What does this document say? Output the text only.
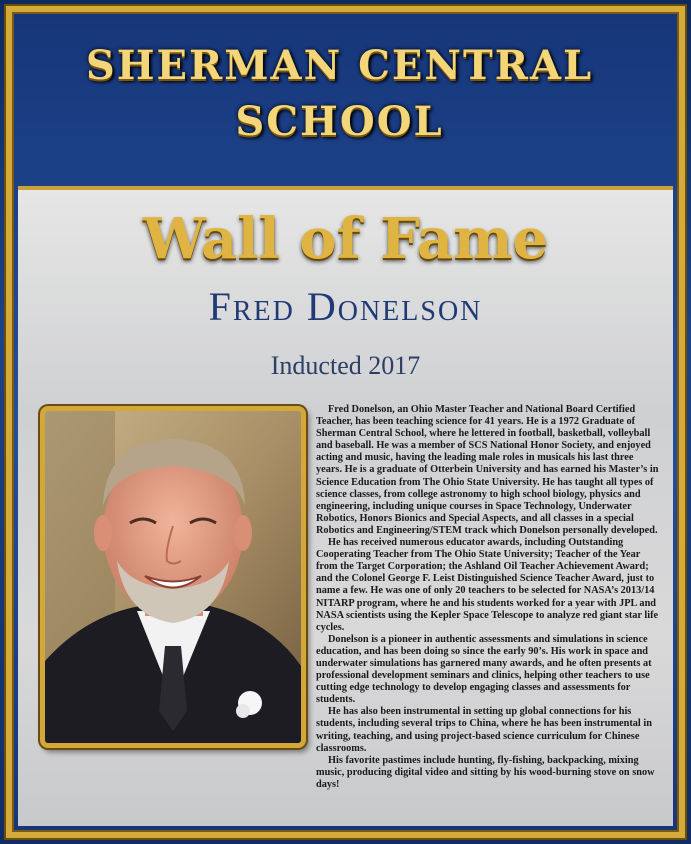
SHERMAN CENTRAL
SCHOOL
Wall of Fame
Fred Donelson
Inducted 2017

Fred Donelson, an Ohio Master Teacher and National Board Certified Teacher, has been teaching science for 41 years. He is a 1972 Graduate of Sherman Central School, where he lettered in football, basketball, volleyball and baseball. He was a member of SCS National Honor Society, and enjoyed acting and music, having the leading male roles in musicals his last three years. He is a graduate of Otterbein University and has earned his Master’s in Science Education from The Ohio State University. He has taught all types of science classes, from college astronomy to high school biology, physics and engineering, including unique courses in Space Technology, Underwater Robotics, Honors Bionics and Special Aspects, and all classes in a special Robotics and Engineering/STEM track which Donelson personally developed.

He has received numerous educator awards, including Outstanding Cooperating Teacher from The Ohio State University; Teacher of the Year from the Target Corporation; the Ashland Oil Teacher Achievement Award; and the Colonel George F. Leist Distinguished Science Teacher Award, just to name a few. He was one of only 20 teachers to be selected for NASA’s 2013/14 NITARP program, where he and his students worked for a year with JPL and NASA scientists using the Kepler Space Telescope to analyze red giant star life cycles.

Donelson is a pioneer in authentic assessments and simulations in science education, and has been doing so since the early 90’s. His work in space and underwater simulations has garnered many awards, and he often presents at professional development seminars and clinics, helping other teachers to use cutting edge technology to develop engaging classes and assessments for students.

He has also been instrumental in setting up global connections for his students, including several trips to China, where he has been instrumental in writing, teaching, and using project-based science curriculum for Chinese classrooms.

His favorite pastimes include hunting, fly-fishing, backpacking, mixing music, producing digital video and sitting by his wood-burning stove on snow days!
